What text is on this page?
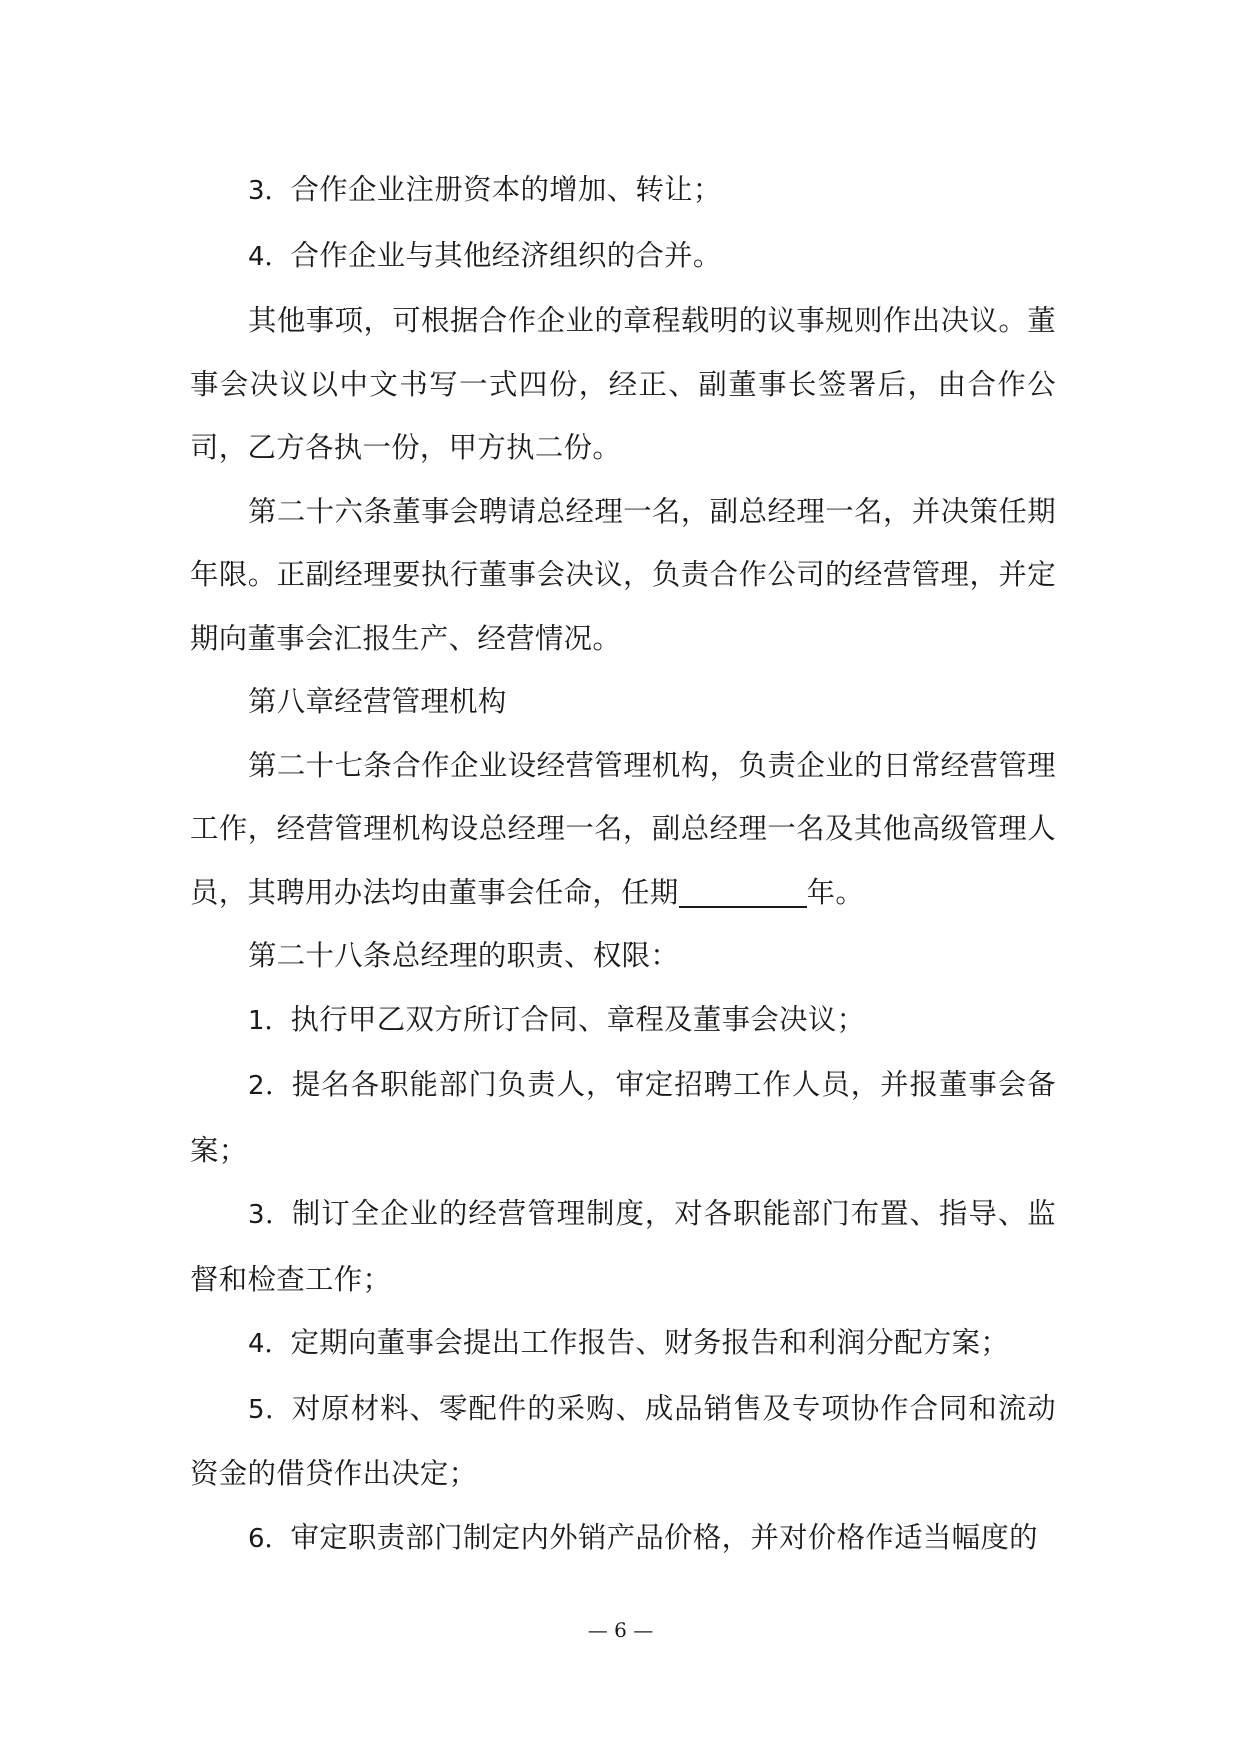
3．合作企业注册资本的增加、转让；

4．合作企业与其他经济组织的合并。

其他事项，可根据合作企业的章程载明的议事规则作出决议。董事会决议以中文书写一式四份，经正、副董事长签署后，由合作公司，乙方各执一份，甲方执二份。

第二十六条董事会聘请总经理一名，副总经理一名，并决策任期年限。正副经理要执行董事会决议，负责合作公司的经营管理，并定期向董事会汇报生产、经营情况。

第八章经营管理机构

第二十七条合作企业设经营管理机构，负责企业的日常经营管理工作，经营管理机构设总经理一名，副总经理一名及其他高级管理人员，其聘用办法均由董事会任命，任期	年。

第二十八条总经理的职责、权限：

1．执行甲乙双方所订合同、章程及董事会决议；

2．提名各职能部门负责人，审定招聘工作人员，并报董事会备案；

3．制订全企业的经营管理制度，对各职能部门布置、指导、监督和检查工作；

4．定期向董事会提出工作报告、财务报告和利润分配方案；

5．对原材料、零配件的采购、成品销售及专项协作合同和流动资金的借贷作出决定；

6．审定职责部门制定内外销产品价格，并对价格作适当幅度的

— 6 —
